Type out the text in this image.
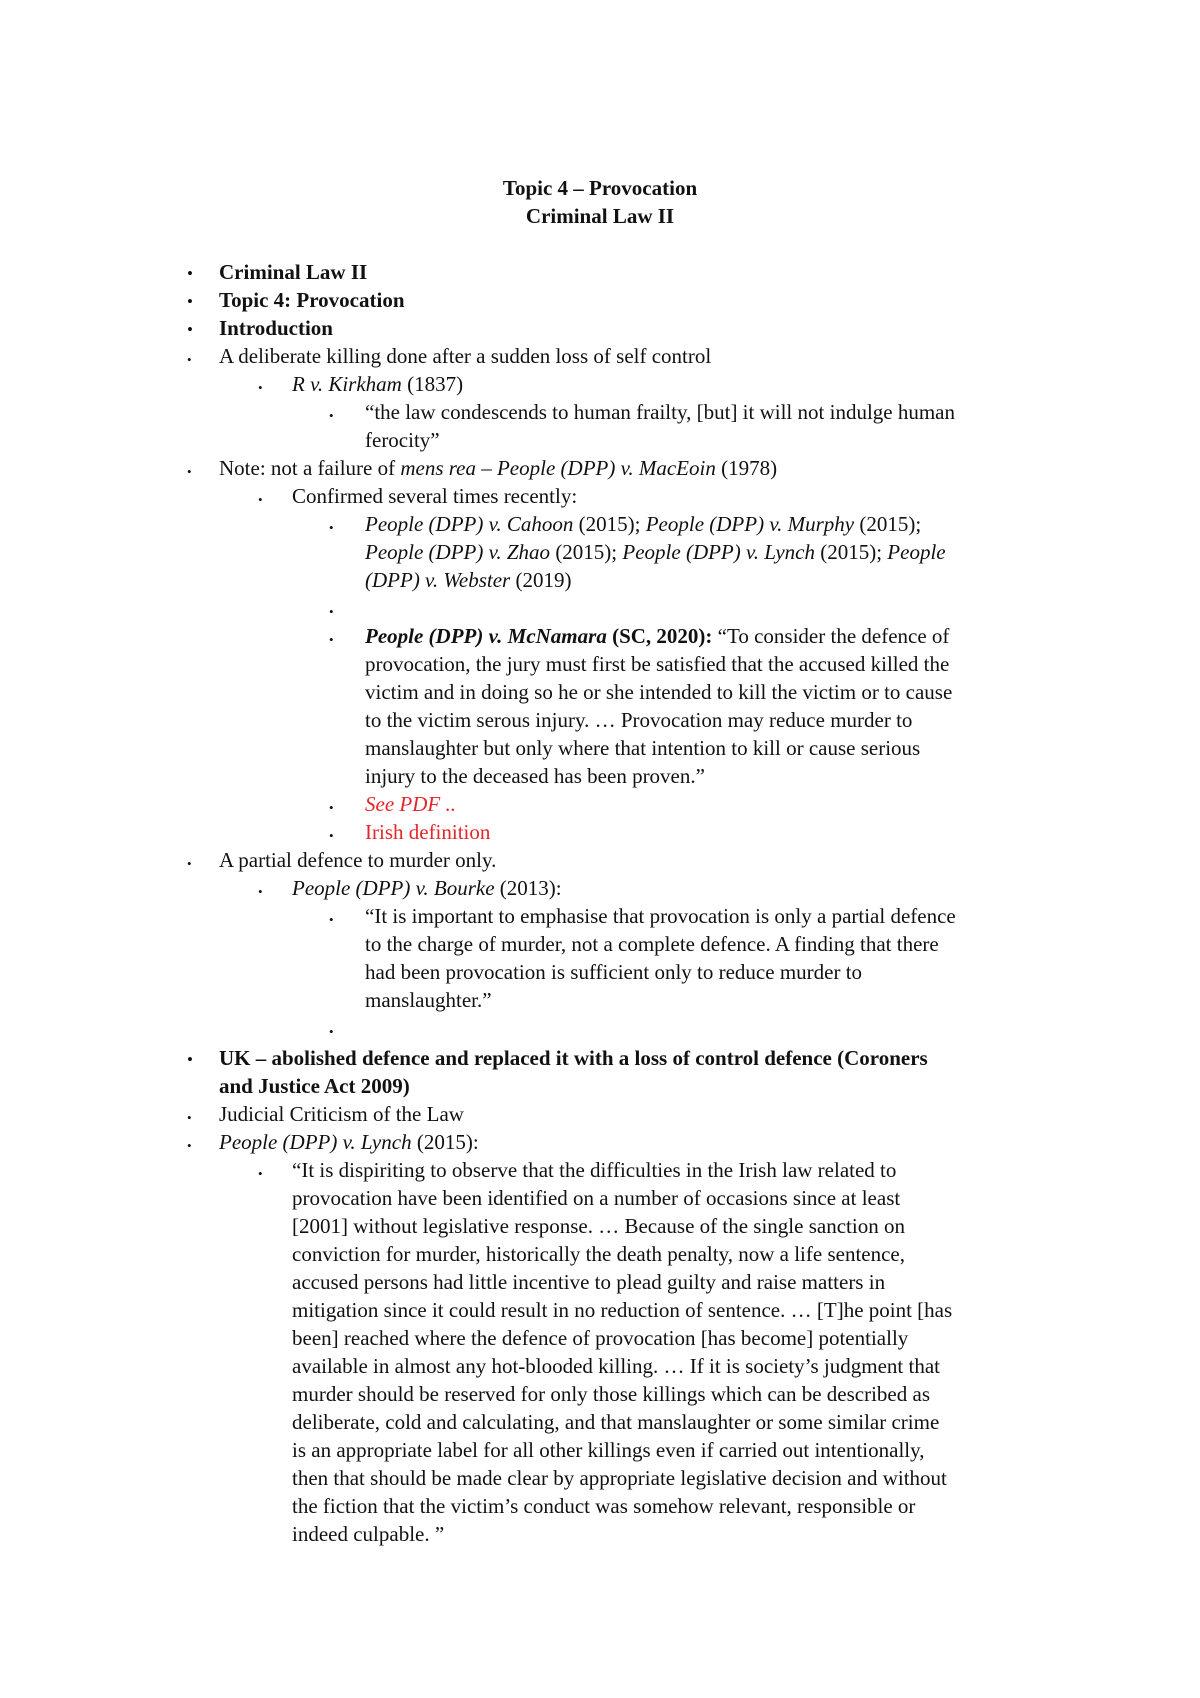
Topic 4 – Provocation
Criminal Law II
•	Criminal Law II
•	Topic 4: Provocation
•	Introduction
•	A deliberate killing done after a sudden loss of self control
•	R v. Kirkham (1837)
•	“the law condescends to human frailty, [but] it will not indulge human
ferocity”
•	Note: not a failure of mens rea – People (DPP) v. MacEoin (1978)
•	Confirmed several times recently:
•	People (DPP) v. Cahoon (2015); People (DPP) v. Murphy (2015);
People (DPP) v. Zhao (2015); People (DPP) v. Lynch (2015); People
(DPP) v. Webster (2019)
•
•	People (DPP) v. McNamara (SC, 2020): “To consider the defence of
provocation, the jury must first be satisfied that the accused killed the
victim and in doing so he or she intended to kill the victim or to cause
to the victim serous injury. … Provocation may reduce murder to
manslaughter but only where that intention to kill or cause serious
injury to the deceased has been proven.”
•	See PDF ..
•	Irish definition
•	A partial defence to murder only.
•	People (DPP) v. Bourke (2013):
•	“It is important to emphasise that provocation is only a partial defence
to the charge of murder, not a complete defence. A finding that there
had been provocation is sufficient only to reduce murder to
manslaughter.”
•
•	UK – abolished defence and replaced it with a loss of control defence (Coroners
and Justice Act 2009)
•	Judicial Criticism of the Law
•	People (DPP) v. Lynch (2015):
•	“It is dispiriting to observe that the difficulties in the Irish law related to
provocation have been identified on a number of occasions since at least
[2001] without legislative response. … Because of the single sanction on
conviction for murder, historically the death penalty, now a life sentence,
accused persons had little incentive to plead guilty and raise matters in
mitigation since it could result in no reduction of sentence. … [T]he point [has
been] reached where the defence of provocation [has become] potentially
available in almost any hot-blooded killing. … If it is society’s judgment that
murder should be reserved for only those killings which can be described as
deliberate, cold and calculating, and that manslaughter or some similar crime
is an appropriate label for all other killings even if carried out intentionally,
then that should be made clear by appropriate legislative decision and without
the fiction that the victim’s conduct was somehow relevant, responsible or
indeed culpable. ”
